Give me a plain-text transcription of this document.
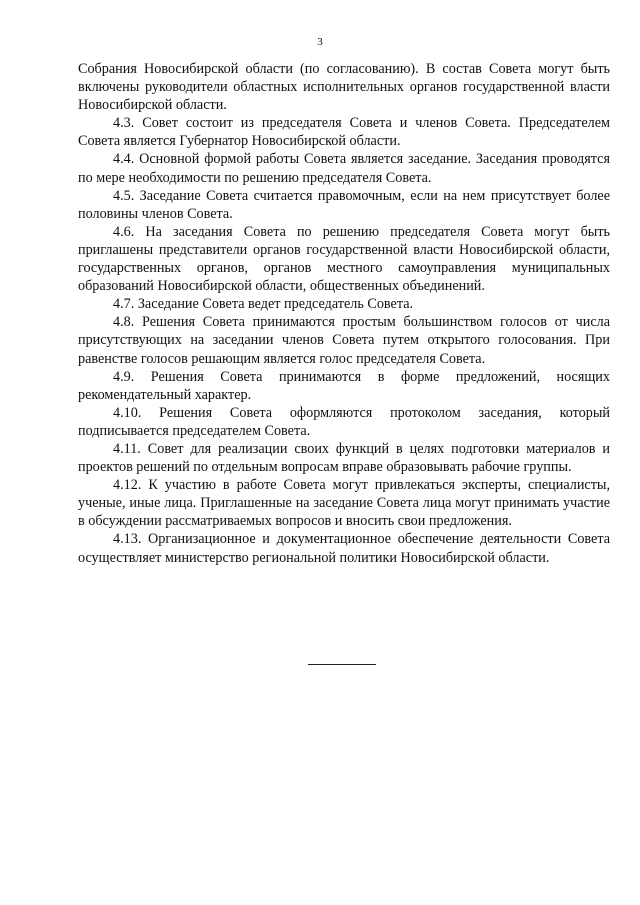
3

Собрания Новосибирской области (по согласованию). В состав Совета могут быть включены руководители областных исполнительных органов государственной власти Новосибирской области.

4.3. Совет состоит из председателя Совета и членов Совета. Председателем Совета является Губернатор Новосибирской области.

4.4. Основной формой работы Совета является заседание. Заседания проводятся по мере необходимости по решению председателя Совета.

4.5. Заседание Совета считается правомочным, если на нем присутствует более половины членов Совета.

4.6. На заседания Совета по решению председателя Совета могут быть приглашены представители органов государственной власти Новосибирской области, государственных органов, органов местного самоуправления муниципальных образований Новосибирской области, общественных объединений.

4.7. Заседание Совета ведет председатель Совета.

4.8. Решения Совета принимаются простым большинством голосов от числа присутствующих на заседании членов Совета путем открытого голосования. При равенстве голосов решающим является голос председателя Совета.

4.9. Решения Совета принимаются в форме предложений, носящих рекомендательный характер.

4.10. Решения Совета оформляются протоколом заседания, который подписывается председателем Совета.

4.11. Совет для реализации своих функций в целях подготовки материалов и проектов решений по отдельным вопросам вправе образовывать рабочие группы.

4.12. К участию в работе Совета могут привлекаться эксперты, специалисты, ученые, иные лица. Приглашенные на заседание Совета лица могут принимать участие в обсуждении рассматриваемых вопросов и вносить свои предложения.

4.13. Организационное и документационное обеспечение деятельности Совета осуществляет министерство региональной политики Новосибирской области.
